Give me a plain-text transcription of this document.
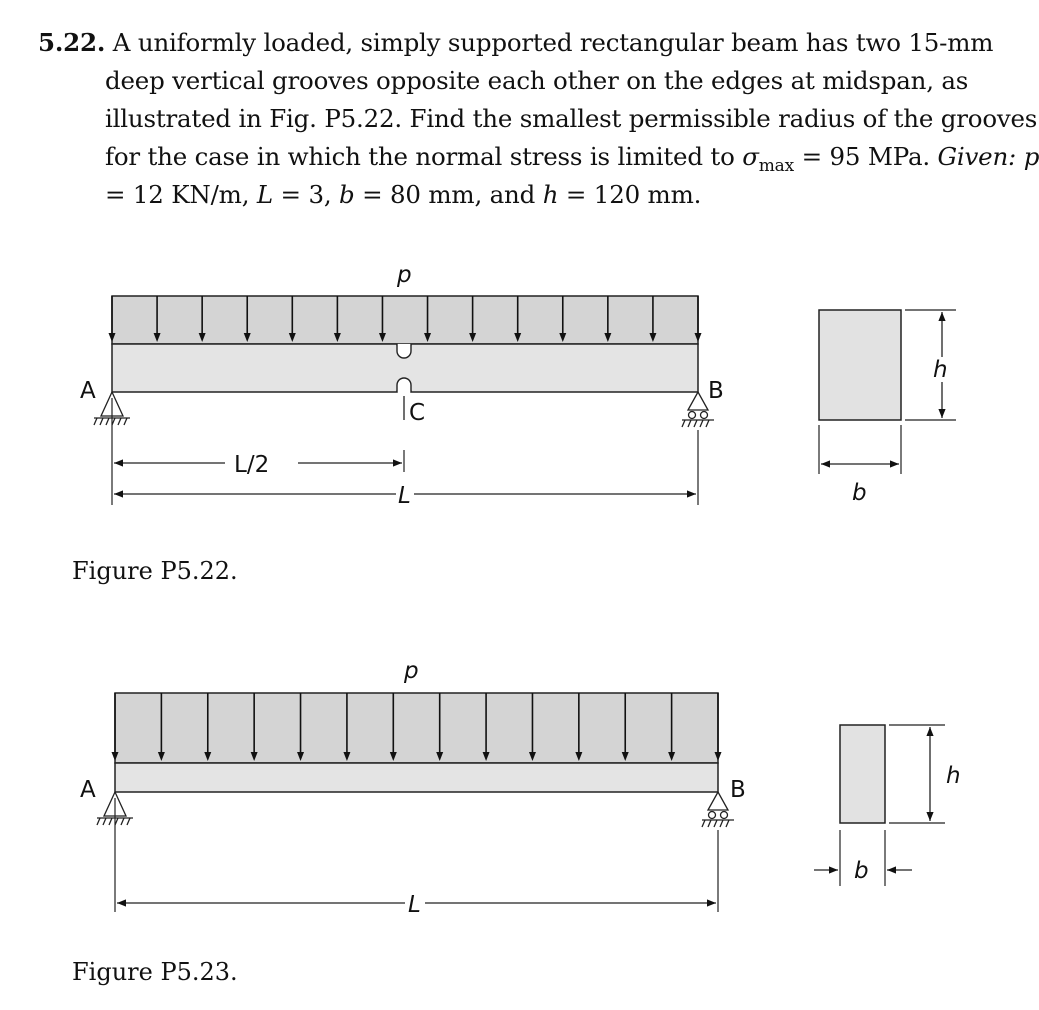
5.22. A uniformly loaded, simply supported rectangular beam has two 15-mm
deep vertical grooves opposite each other on the edges at midspan, as
illustrated in Fig. P5.22. Find the smallest permissible radius of the grooves
for the case in which the normal stress is limited to $\sigma_{max} = 95$ MPa. Given: p
= 12 KN/m, L = 3, b = 80 mm, and h = 120 mm.
p
A	B
C
L/2
L
h
b
Figure P5.22.
p
A	B
L
h
b
Figure P5.23.
